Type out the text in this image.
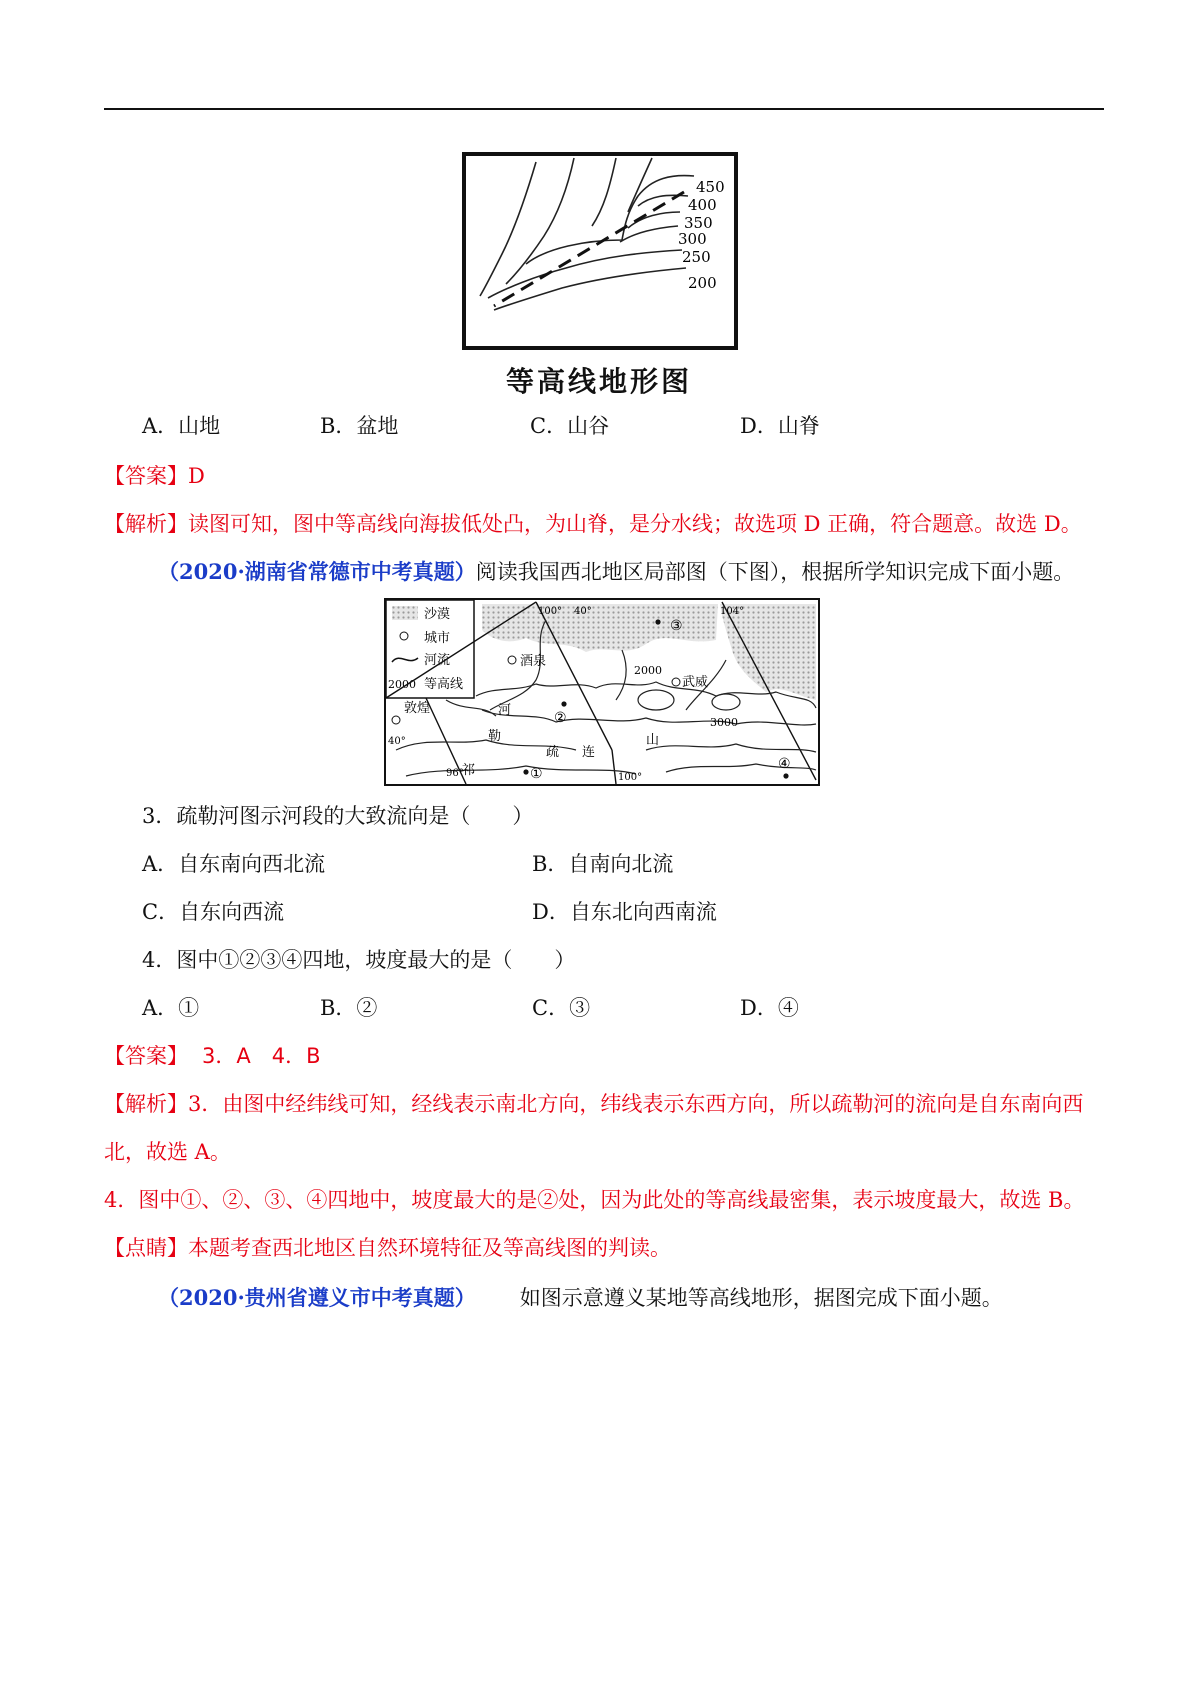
450
400
350
300
250
200
等高线地形图
A．山地	B．盆地	C．山谷	D．山脊
【答案】D
【解析】读图可知，图中等高线向海拔低处凸，为山脊，是分水线；故选项 D 正确，符合题意。故选 D。
（2020·湖南省常德市中考真题）阅读我国西北地区局部图（下图），根据所学知识完成下面小题。
沙漠
城市
河流
2000 等高线
酒泉
武威
敦煌	河
勒
疏 连
山
祁
100°	104°
96°	100°
40°
40°
2000
3000
①
②
③
④
3．疏勒河图示河段的大致流向是（　　）
A．自东南向西北流	B．自南向北流
C．自东向西流	D．自东北向西南流
4．图中①②③④四地，坡度最大的是（　　）
A．①	B．②	C．③	D．④
【答案】 3．A　4．B
【解析】3．由图中经纬线可知，经线表示南北方向，纬线表示东西方向，所以疏勒河的流向是自东南向西
北，故选 A。
4．图中①、②、③、④四地中，坡度最大的是②处，因为此处的等高线最密集，表示坡度最大，故选 B。
【点睛】本题考查西北地区自然环境特征及等高线图的判读。
（2020·贵州省遵义市中考真题） 如图示意遵义某地等高线地形，据图完成下面小题。
